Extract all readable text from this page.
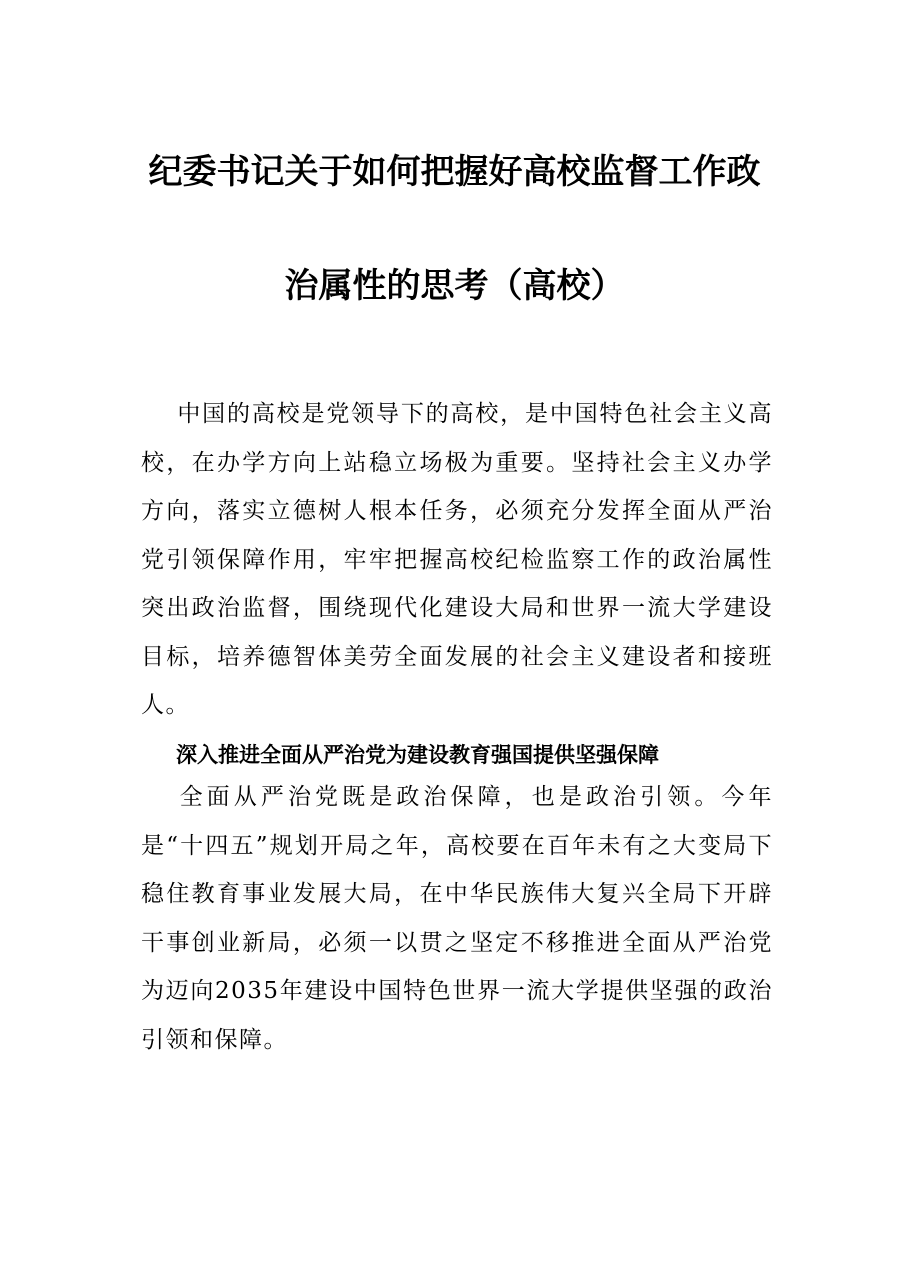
纪委书记关于如何把握好高校监督工作政
治属性的思考（高校）

中国的高校是党领导下的高校，是中国特色社会主义高校，在办学方向上站稳立场极为重要。坚持社会主义办学方向，落实立德树人根本任务，必须充分发挥全面从严治党引领保障作用，牢牢把握高校纪检监察工作的政治属性突出政治监督，围绕现代化建设大局和世界一流大学建设目标，培养德智体美劳全面发展的社会主义建设者和接班人。

深入推进全面从严治党为建设教育强国提供坚强保障

全面从严治党既是政治保障，也是政治引领。今年是“十四五”规划开局之年，高校要在百年未有之大变局下稳住教育事业发展大局，在中华民族伟大复兴全局下开辟干事创业新局，必须一以贯之坚定不移推进全面从严治党为迈向2035年建设中国特色世界一流大学提供坚强的政治引领和保障。
